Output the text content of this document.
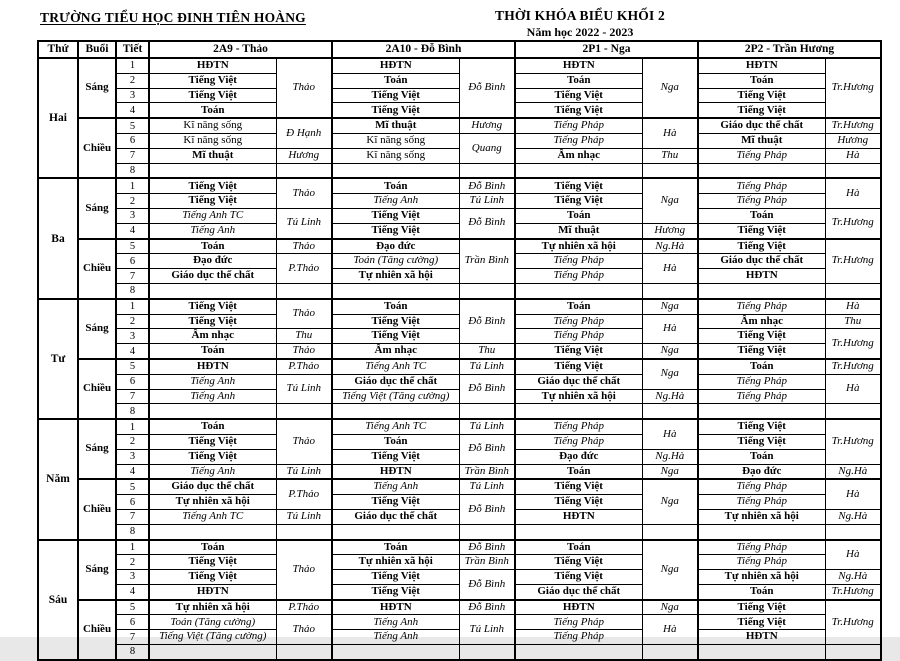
TRƯỜNG TIỂU HỌC ĐINH TIÊN HOÀNG	THỜI KHÓA BIỂU KHỐI 2
Năm học 2022 - 2023
Thứ	Buổi	Tiết	2A9 - Thảo		2A10 - Đỗ Bình		2P1 - Nga		2P2 - Trần Hương	
Hai	Sáng	1	HĐTN	Thảo	HĐTN	Đỗ Bình	HĐTN	Nga	HĐTN	Tr.Hương
		2	Tiếng Việt		Toán		Toán		Toán	
		3	Tiếng Việt		Tiếng Việt		Tiếng Việt		Tiếng Việt	
		4	Toán		Tiếng Việt		Tiếng Việt		Tiếng Việt	
	Chiều	5	Kĩ năng sống	Đ Hạnh	Mĩ thuật	Hương	Tiếng Pháp	Hà	Giáo dục thể chất	Tr.Hương
		6	Kĩ năng sống		Kĩ năng sống	Quang	Tiếng Pháp		Mĩ thuật	Hương
		7	Mĩ thuật	Hương	Kĩ năng sống		Âm nhạc	Thu	Tiếng Pháp	Hà
		8								
Ba	Sáng	1	Tiếng Việt	Thảo	Toán	Đỗ Bình	Tiếng Việt	Nga	Tiếng Pháp	Hà
		2	Tiếng Việt		Tiếng Anh	Tú Linh	Tiếng Việt		Tiếng Pháp	
		3	Tiếng Anh TC	Tú Linh	Tiếng Việt	Đỗ Bình	Toán		Toán	Tr.Hương
		4	Tiếng Anh		Tiếng Việt		Mĩ thuật	Hương	Tiếng Việt	
	Chiều	5	Toán	Thảo	Đạo đức	Trần Bình	Tự nhiên xã hội	Ng.Hà	Tiếng Việt	Tr.Hương
		6	Đạo đức	P.Thảo	Toán (Tăng cường)		Tiếng Pháp	Hà	Giáo dục thể chất	
		7	Giáo dục thể chất		Tự nhiên xã hội		Tiếng Pháp		HĐTN	
		8								
Tư	Sáng	1	Tiếng Việt	Thảo	Toán	Đỗ Bình	Toán	Nga	Tiếng Pháp	Hà
		2	Tiếng Việt		Tiếng Việt		Tiếng Pháp	Hà	Âm nhạc	Thu
		3	Âm nhạc	Thu	Tiếng Việt		Tiếng Pháp		Tiếng Việt	Tr.Hương
		4	Toán	Thảo	Âm nhạc	Thu	Tiếng Việt	Nga	Tiếng Việt	
	Chiều	5	HĐTN	P.Thảo	Tiếng Anh TC	Tú Linh	Tiếng Việt	Nga	Toán	Tr.Hương
		6	Tiếng Anh	Tú Linh	Giáo dục thể chất	Đỗ Bình	Giáo dục thể chất		Tiếng Pháp	Hà
		7	Tiếng Anh		Tiếng Việt (Tăng cường)		Tự nhiên xã hội	Ng.Hà	Tiếng Pháp	
		8								
Năm	Sáng	1	Toán	Thảo	Tiếng Anh TC	Tú Linh	Tiếng Pháp	Hà	Tiếng Việt	Tr.Hương
		2	Tiếng Việt		Toán	Đỗ Bình	Tiếng Pháp		Tiếng Việt	
		3	Tiếng Việt		Tiếng Việt		Đạo đức	Ng.Hà	Toán	
		4	Tiếng Anh	Tú Linh	HĐTN	Trần Bình	Toán	Nga	Đạo đức	Ng.Hà
	Chiều	5	Giáo dục thể chất	P.Thảo	Tiếng Anh	Tú Linh	Tiếng Việt	Nga	Tiếng Pháp	Hà
		6	Tự nhiên xã hội		Tiếng Việt	Đỗ Bình	Tiếng Việt		Tiếng Pháp	
		7	Tiếng Anh TC	Tú Linh	Giáo dục thể chất		HĐTN		Tự nhiên xã hội	Ng.Hà
		8								
Sáu	Sáng	1	Toán	Thảo	Toán	Đỗ Bình	Toán	Nga	Tiếng Pháp	Hà
		2	Tiếng Việt		Tự nhiên xã hội	Trần Bình	Tiếng Việt		Tiếng Pháp	
		3	Tiếng Việt		Tiếng Việt	Đỗ Bình	Tiếng Việt		Tự nhiên xã hội	Ng.Hà
		4	HĐTN		Tiếng Việt		Giáo dục thể chất		Toán	Tr.Hương
	Chiều	5	Tự nhiên xã hội	P.Thảo	HĐTN	Đỗ Bình	HĐTN	Nga	Tiếng Việt	Tr.Hương
		6	Toán (Tăng cường)	Thảo	Tiếng Anh	Tú Linh	Tiếng Pháp	Hà	Tiếng Việt	
		7	Tiếng Việt (Tăng cường)		Tiếng Anh		Tiếng Pháp		HĐTN	
		8								
